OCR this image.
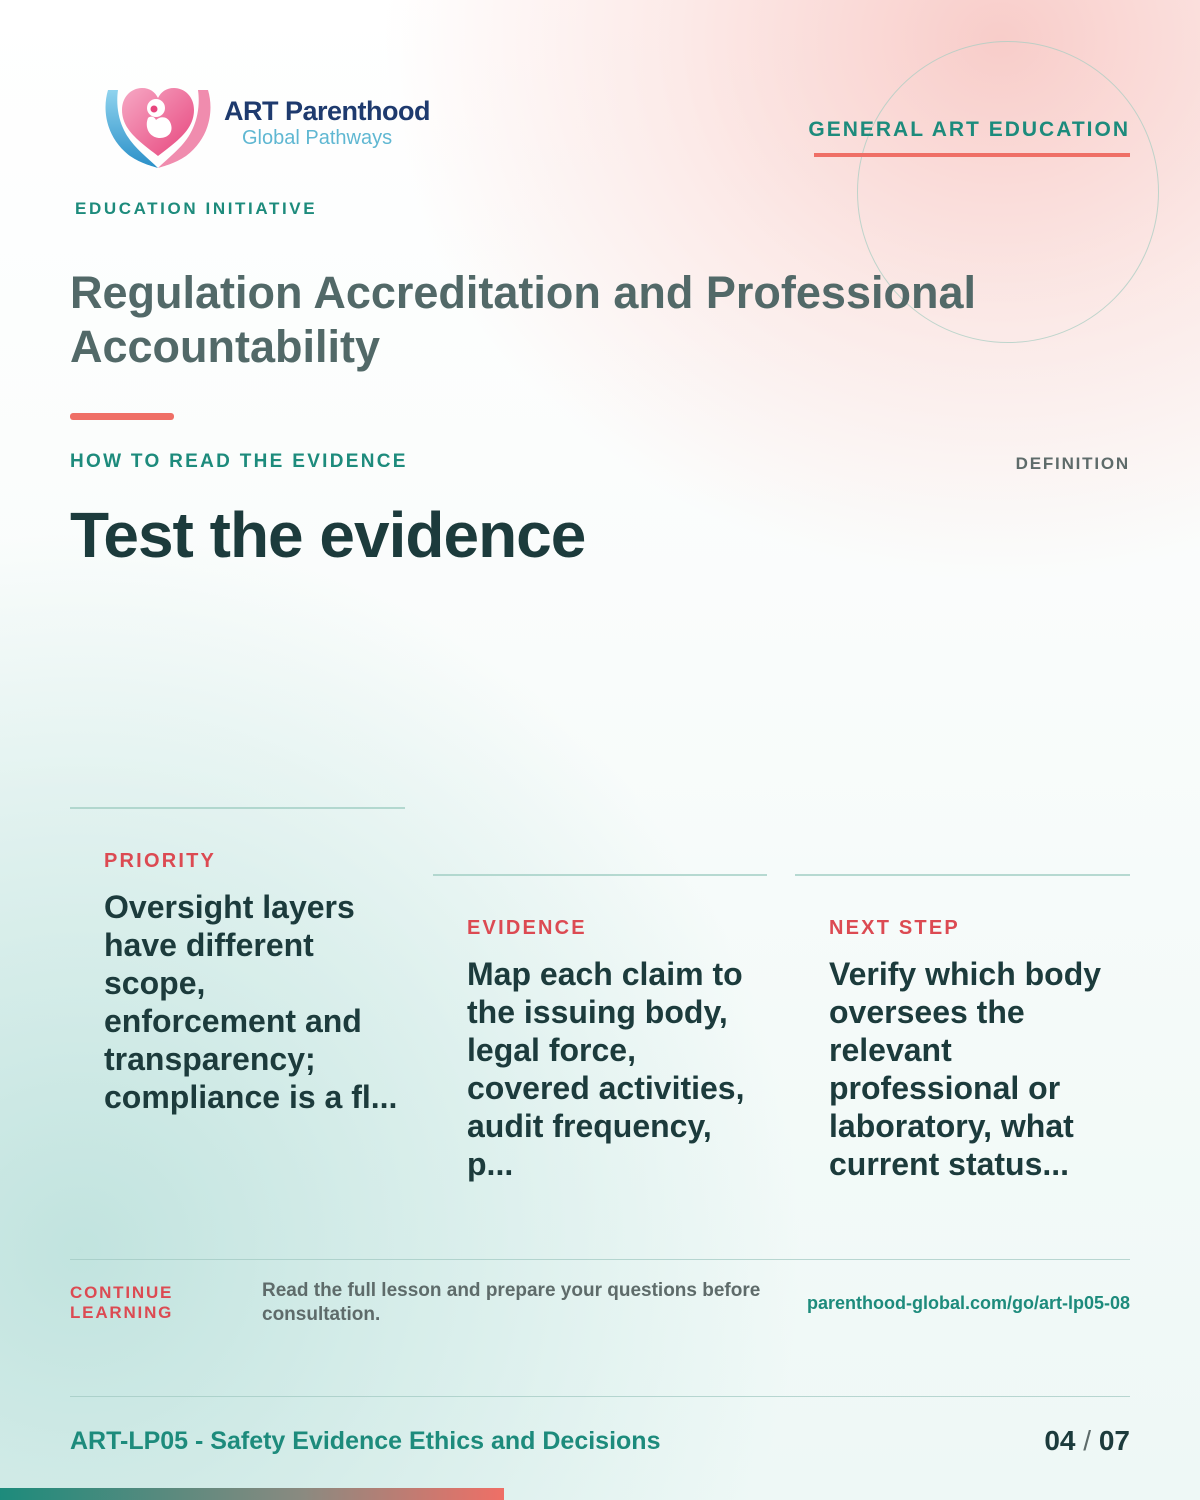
ART Parenthood
Global Pathways
EDUCATION INITIATIVE
GENERAL ART EDUCATION
Regulation Accreditation and Professional Accountability
HOW TO READ THE EVIDENCE	DEFINITION
Test the evidence
PRIORITY
Oversight layers have different scope, enforcement and transparency; compliance is a fl...
EVIDENCE
Map each claim to the issuing body, legal force, covered activities, audit frequency, p...
NEXT STEP
Verify which body oversees the relevant professional or laboratory, what current status...
CONTINUE LEARNING
Read the full lesson and prepare your questions before consultation.
parenthood-global.com/go/art-lp05-08
ART-LP05 - Safety Evidence Ethics and Decisions	04 / 07
